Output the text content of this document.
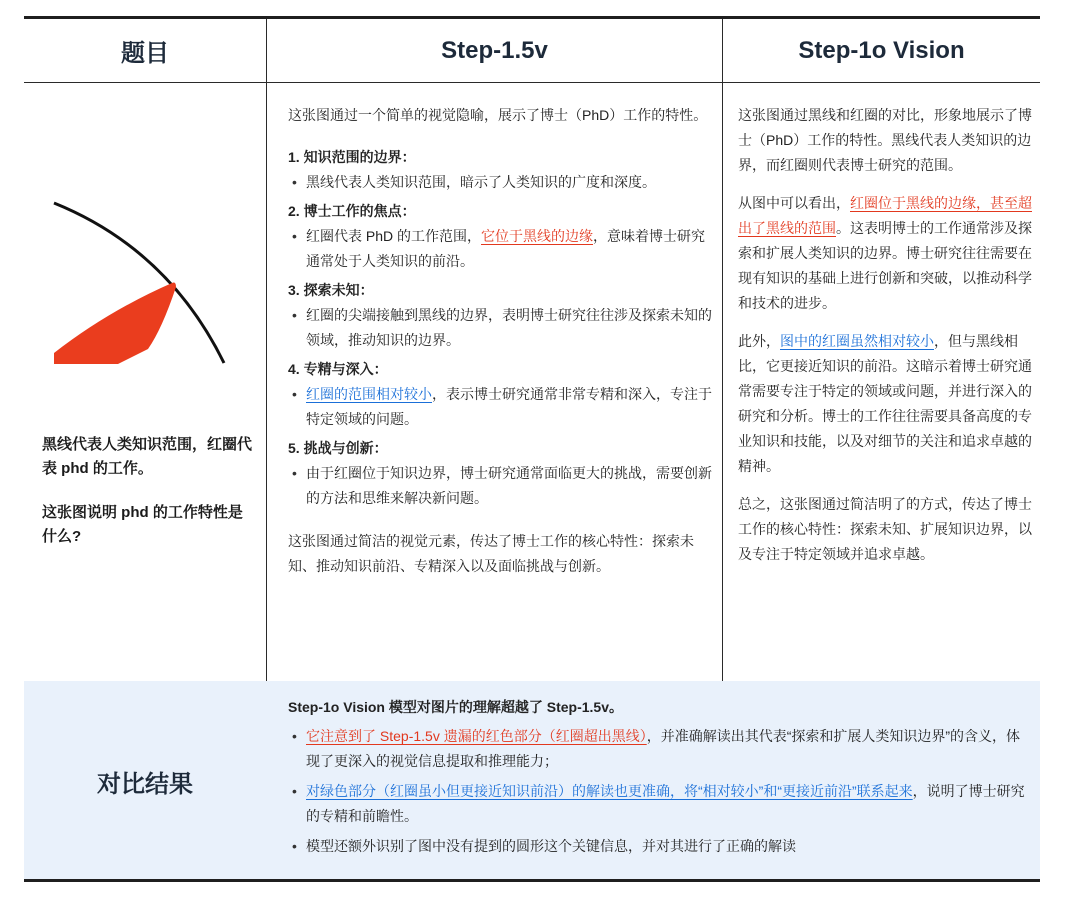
题目	Step-1.5v	Step-1o Vision
黑线代表人类知识范围，红圈代表 phd 的工作。
这张图说明 phd 的工作特性是什么?
这张图通过一个简单的视觉隐喻，展示了博士（PhD）工作的特性。
1. 知识范围的边界：
• 黑线代表人类知识范围，暗示了人类知识的广度和深度。
2. 博士工作的焦点：
• 红圈代表 PhD 的工作范围，它位于黑线的边缘，意味着博士研究通常处于人类知识的前沿。
3. 探索未知：
• 红圈的尖端接触到黑线的边界，表明博士研究往往涉及探索未知的领域，推动知识的边界。
4. 专精与深入：
• 红圈的范围相对较小，表示博士研究通常非常专精和深入，专注于特定领域的问题。
5. 挑战与创新：
• 由于红圈位于知识边界，博士研究通常面临更大的挑战，需要创新的方法和思维来解决新问题。
这张图通过简洁的视觉元素，传达了博士工作的核心特性：探索未知、推动知识前沿、专精深入以及面临挑战与创新。
这张图通过黑线和红圈的对比，形象地展示了博士（PhD）工作的特性。黑线代表人类知识的边界，而红圈则代表博士研究的范围。
从图中可以看出，红圈位于黑线的边缘，甚至超出了黑线的范围。这表明博士的工作通常涉及探索和扩展人类知识的边界。博士研究往往需要在现有知识的基础上进行创新和突破，以推动科学和技术的进步。
此外，图中的红圈虽然相对较小，但与黑线相比，它更接近知识的前沿。这暗示着博士研究通常需要专注于特定的领域或问题，并进行深入的研究和分析。博士的工作往往需要具备高度的专业知识和技能，以及对细节的关注和追求卓越的精神。
总之，这张图通过简洁明了的方式，传达了博士工作的核心特性：探索未知、扩展知识边界，以及专注于特定领域并追求卓越。
对比结果
Step-1o Vision 模型对图片的理解超越了 Step-1.5v。
• 它注意到了 Step-1.5v 遗漏的红色部分（红圈超出黑线），并准确解读出其代表“探索和扩展人类知识边界”的含义，体现了更深入的视觉信息提取和推理能力；
• 对绿色部分（红圈虽小但更接近知识前沿）的解读也更准确，将“相对较小”和“更接近前沿”联系起来，说明了博士研究的专精和前瞻性。
• 模型还额外识别了图中没有提到的圆形这个关键信息，并对其进行了正确的解读
